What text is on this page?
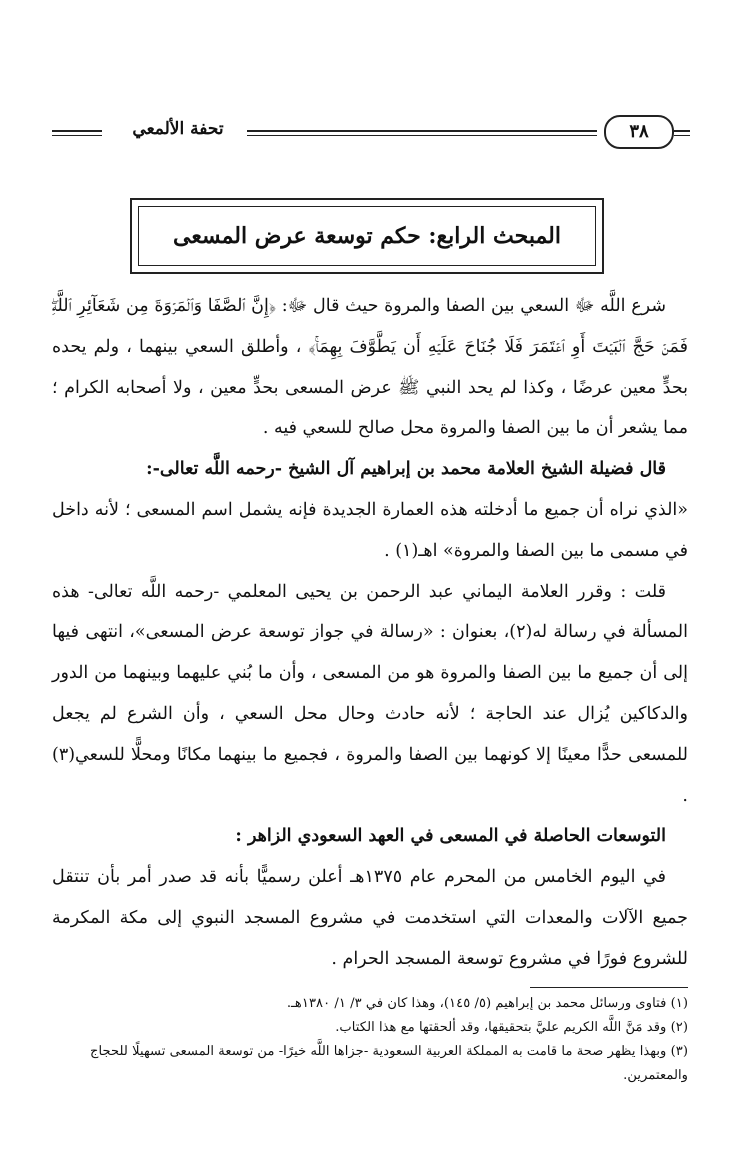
تحفة الألمعي	٣٨
المبحث الرابع: حكم توسعة عرض المسعى

شرع اللَّه ﷻ السعي بين الصفا والمروة حيث قال ﷻ: ﴿إِنَّ ٱلصَّفَا وَٱلۡمَرۡوَةَ مِن شَعَآئِرِ ٱللَّهِۖ فَمَنۡ حَجَّ ٱلۡبَيۡتَ أَوِ ٱعۡتَمَرَ فَلَا جُنَاحَ عَلَيۡهِ أَن يَطَّوَّفَ بِهِمَاۚ﴾ ، وأطلق السعي بينهما ، ولم يحده بحدٍّ معين عرضًا ، وكذا لم يحد النبي ﷺ عرض المسعى بحدٍّ معين ، ولا أصحابه الكرام ؛ مما يشعر أن ما بين الصفا والمروة محل صالح للسعي فيه .

قال فضيلة الشيخ العلامة محمد بن إبراهيم آل الشيخ -رحمه اللَّه تعالى-:

«الذي نراه أن جميع ما أدخلته هذه العمارة الجديدة فإنه يشمل اسم المسعى ؛ لأنه داخل في مسمى ما بين الصفا والمروة» اهـ(١) .

قلت : وقرر العلامة اليماني عبد الرحمن بن يحيى المعلمي -رحمه اللَّه تعالى- هذه المسألة في رسالة له(٢)، بعنوان : «رسالة في جواز توسعة عرض المسعى»، انتهى فيها إلى أن جميع ما بين الصفا والمروة هو من المسعى ، وأن ما بُني عليهما وبينهما من الدور والدكاكين يُزال عند الحاجة ؛ لأنه حادث وحال محل السعي ، وأن الشرع لم يجعل للمسعى حدًّا معينًا إلا كونهما بين الصفا والمروة ، فجميع ما بينهما مكانًا ومحلًّا للسعي(٣) .

التوسعات الحاصلة في المسعى في العهد السعودي الزاهر :

في اليوم الخامس من المحرم عام ١٣٧٥هـ أعلن رسميًّا بأنه قد صدر أمر بأن تنتقل جميع الآلات والمعدات التي استخدمت في مشروع المسجد النبوي إلى مكة المكرمة للشروع فورًا في مشروع توسعة المسجد الحرام .

(١) فتاوى ورسائل محمد بن إبراهيم (٥/ ١٤٥)، وهذا كان في ٣/ ١/ ١٣٨٠هـ.

(٢) وقد مَنَّ اللَّه الكريم عليَّ بتحقيقها، وقد ألحقتها مع هذا الكتاب.

(٣) وبهذا يظهر صحة ما قامت به المملكة العربية السعودية -جزاها اللَّه خيرًا- من توسعة المسعى تسهيلًا للحجاج والمعتمرين.
